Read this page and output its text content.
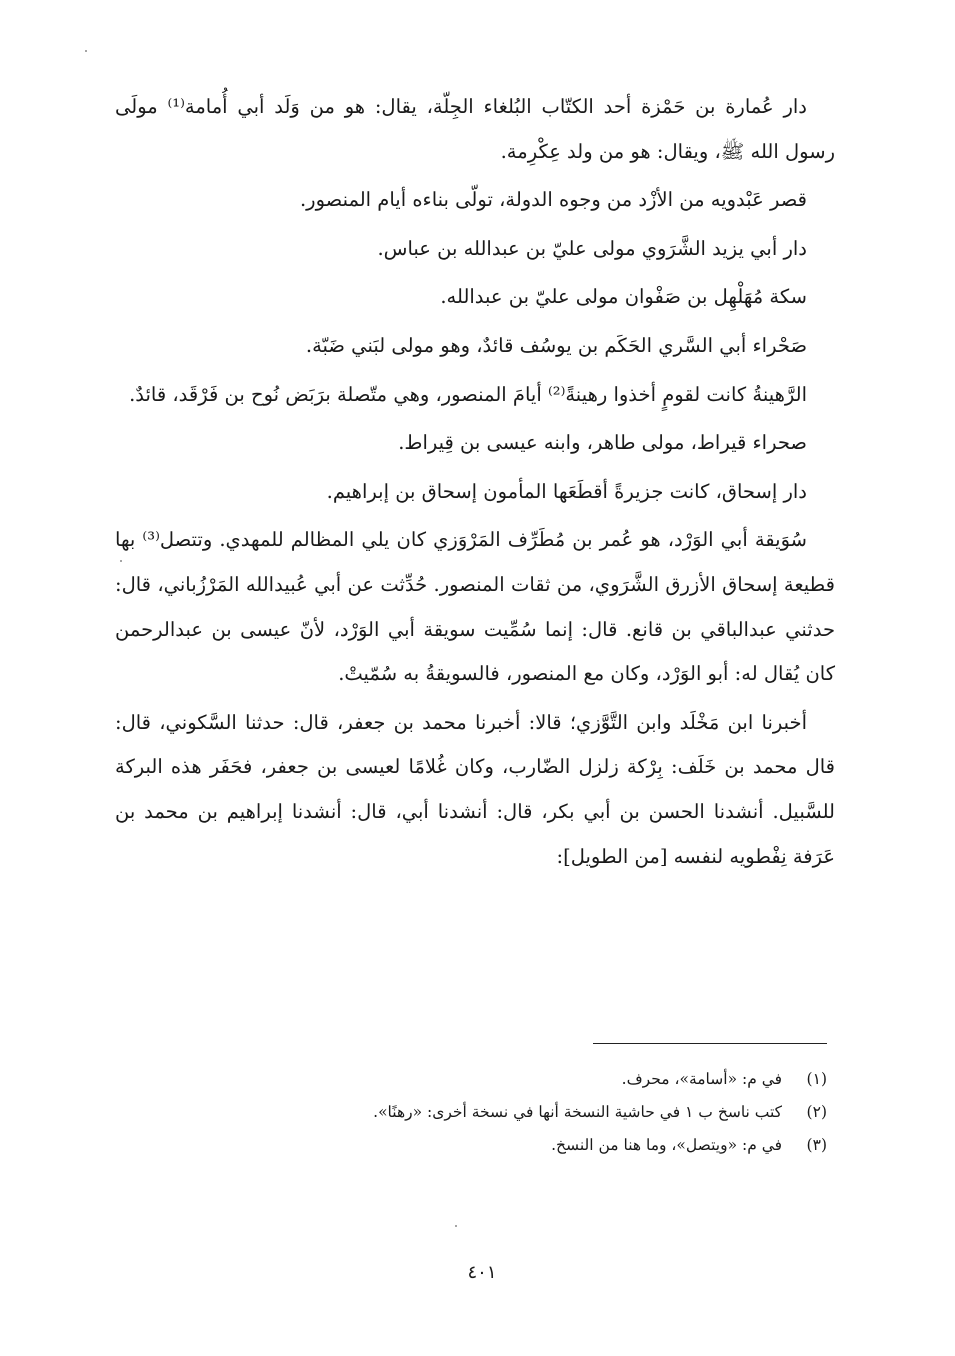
دار عُمارة بن حَمْزة أحد الكتّاب البُلغاء الجِلّة، يقال: هو من وَلَد أبي أُمامة⁽¹⁾ مولَى رسول الله ﷺ، ويقال: هو من ولد عِكْرِمة.

قصر عَبْدويه من الأزْد من وجوه الدولة، تولّى بناءه أيام المنصور.

دار أبي يزيد الشَّرَوي مولى عليّ بن عبدالله بن عباس.

سكة مُهَلْهِل بن صَفْوان مولى عليّ بن عبدالله.

صَحْراء أبي السَّري الحَكَم بن يوسُف قائدٌ، وهو مولى لبَني ضَبّة.

الرَّهينةُ كانت لقومٍ أخذوا رهينةً⁽²⁾ أيامَ المنصور، وهي متّصلة برَبَض نُوح بن فَرْقَد، قائدٌ.

صحراء قيراط، مولى طاهر، وابنه عيسى بن قِيراط.

دار إسحاق، كانت جزيرةً أقطَعَها المأمون إسحاق بن إبراهيم.

سُوَيقة أبي الوَرْد، هو عُمر بن مُطَرِّف المَرْوَزي كان يلي المظالم للمهدي. وتتصل⁽³⁾ بها قطيعة إسحاق الأزرق الشَّرَوي، من ثقات المنصور. حُدِّثت عن أبي عُبيدالله المَرْزُباني، قال: حدثني عبدالباقي بن قانع. قال: إنما سُمِّيت سويقة أبي الوَرْد، لأنّ عيسى بن عبدالرحمن كان يُقال له: أبو الوَرْد، وكان مع المنصور، فالسويقةُ به سُمّيتْ.

أخبرنا ابن مَخْلَد وابن التَّوَّزي؛ قالا: أخبرنا محمد بن جعفر، قال: حدثنا السَّكوني، قال: قال محمد بن خَلَف: بِرْكة زلزل الضّارب، وكان غُلامًا لعيسى بن جعفر، فحَفَر هذه البركة للسَّبيل. أنشدنا الحسن بن أبي بكر، قال: أنشدنا أبي، قال: أنشدنا إبراهيم بن محمد بن عَرَفة نِفْطويه لنفسه [من الطويل]:

(١) في م: «أسامة»، محرف.

(٢) كتب ناسخ ب ١ في حاشية النسخة أنها في نسخة أخرى: «رهنًا».

(٣) في م: «ويتصل»، وما هنا من النسخ.

٤٠١
